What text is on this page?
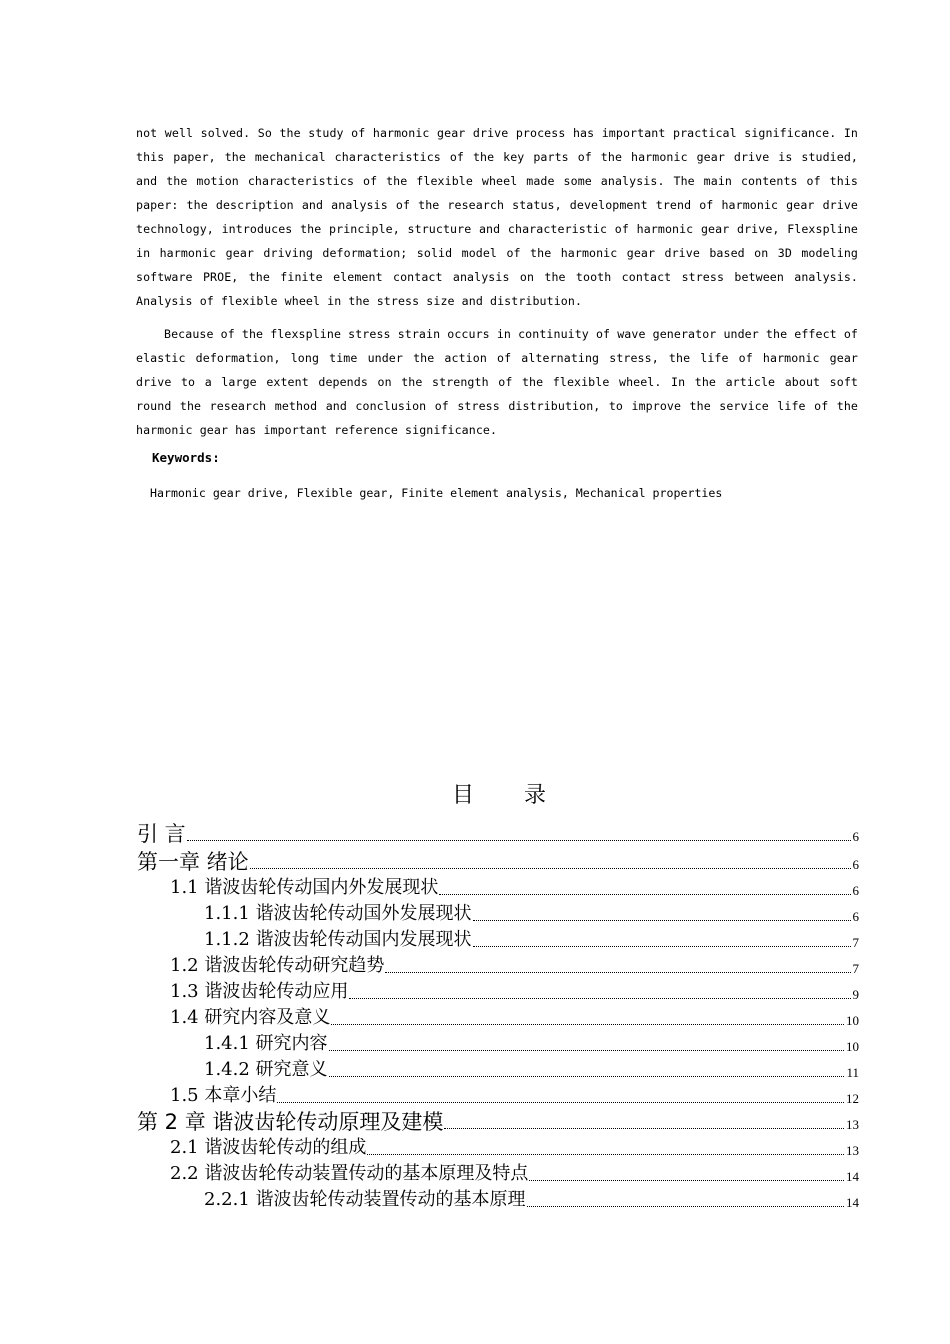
not well solved. So the study of harmonic gear drive process has important practical significance. In this paper, the mechanical characteristics of the key parts of the harmonic gear drive is studied, and the motion characteristics of the flexible wheel made some analysis. The main contents of this paper: the description and analysis of the research status, development trend of harmonic gear drive technology, introduces the principle, structure and characteristic of harmonic gear drive, Flexspline in harmonic gear driving deformation; solid model of the harmonic gear drive based on 3D modeling software PROE, the finite element contact analysis on the tooth contact stress between analysis. Analysis of flexible wheel in the stress size and distribution.

Because of the flexspline stress strain occurs in continuity of wave generator under the effect of elastic deformation, long time under the action of alternating stress, the life of harmonic gear drive to a large extent depends on the strength of the flexible wheel. In the article about soft round the research method and conclusion of stress distribution, to improve the service life of the harmonic gear has important reference significance.

Keywords:
Harmonic gear drive, Flexible gear, Finite element analysis, Mechanical properties
目 录
引 言	6
第一章 绪论	6
1.1 谐波齿轮传动国内外发展现状	6
1.1.1 谐波齿轮传动国外发展现状	6
1.1.2 谐波齿轮传动国内发展现状	7
1.2 谐波齿轮传动研究趋势	7
1.3 谐波齿轮传动应用	9
1.4 研究内容及意义	10
1.4.1 研究内容	10
1.4.2 研究意义	11
1.5 本章小结	12
第 2 章 谐波齿轮传动原理及建模	13
2.1 谐波齿轮传动的组成	13
2.2 谐波齿轮传动装置传动的基本原理及特点	14
2.2.1 谐波齿轮传动装置传动的基本原理	14
